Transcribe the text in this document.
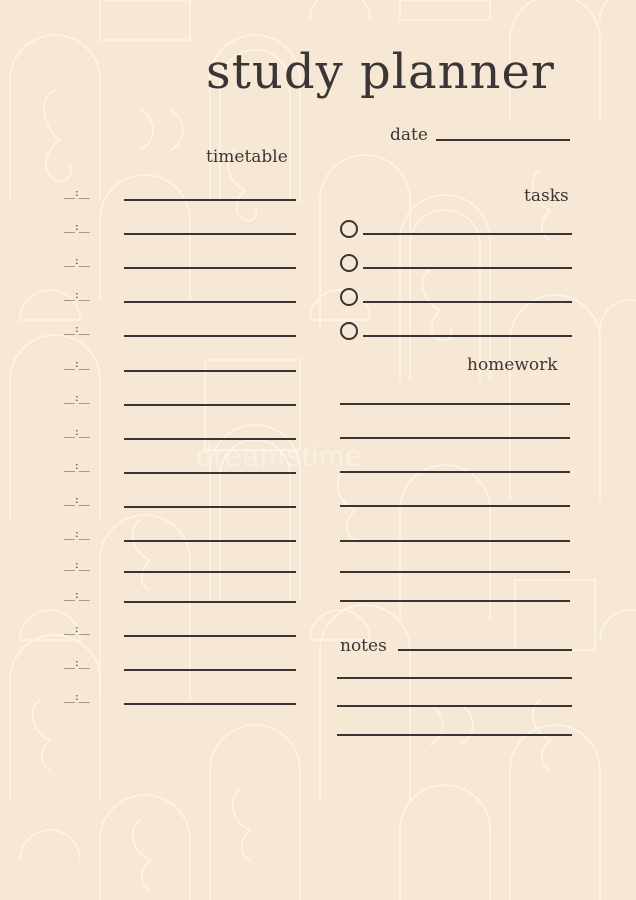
study planner
date
timetable
tasks
homework
notes
__:__
__:__
__:__
__:__
__:__
__:__
__:__
__:__
__:__
__:__
__:__
__:__
__:__
__:__
__:__
__:__
dreamstime
